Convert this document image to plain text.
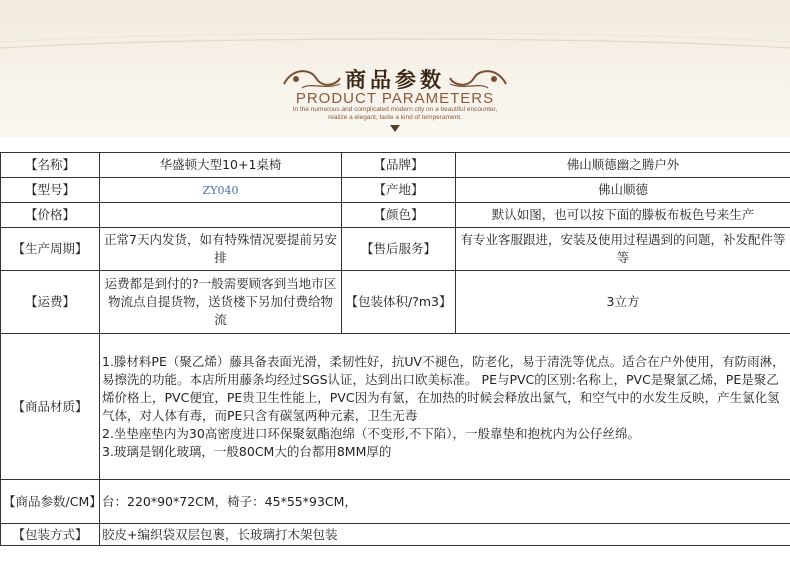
商品参数
PRODUCT PARAMETERS
In the numerous and complicated modern city on a beautiful encounter,
realize a elegant, taste a kind of temperament.
【名称】	华盛顿大型10+1桌椅	【品牌】	佛山顺德幽之腾户外
【型号】	ZY040	【产地】	佛山顺德
【价格】		【颜色】	默认如图，也可以按下面的滕板布板色号来生产
【生产周期】	正常7天内发货，如有特殊情况要提前另安排	【售后服务】	有专业客服跟进，安装及使用过程遇到的问题，补发配件等等
【运费】	运费都是到付的?一般需要顾客到当地市区物流点自提货物，送货楼下另加付费给物流	【包装体积/?m3】	3立方
【商品材质】	1.滕材料PE（聚乙烯）藤具备表面光滑，柔韧性好，抗UV不褪色，防老化，易于清洗等优点。适合在户外使用，有防雨淋，易擦洗的功能。本店所用藤条均经过SGS认证，达到出口欧美标准。 PE与PVC的区别:名称上，PVC是聚氯乙烯，PE是聚乙烯价格上，PVC便宜，PE贵卫生性能上，PVC因为有氯，在加热的时候会释放出氯气，和空气中的水发生反映，产生氯化氢气体，对人体有毒，而PE只含有碳氢两种元素，卫生无毒
2.坐垫座垫内为30高密度进口环保聚氨酯泡绵（不变形,不下陷），一般靠垫和抱枕内为公仔丝绵。
3.玻璃是钢化玻璃，一般80CM大的台都用8MM厚的		

【商品参数/CM】	台：220*90*72CM，椅子：45*55*93CM，		
【包装方式】	胶皮+编织袋双层包裹，长玻璃打木架包装		
